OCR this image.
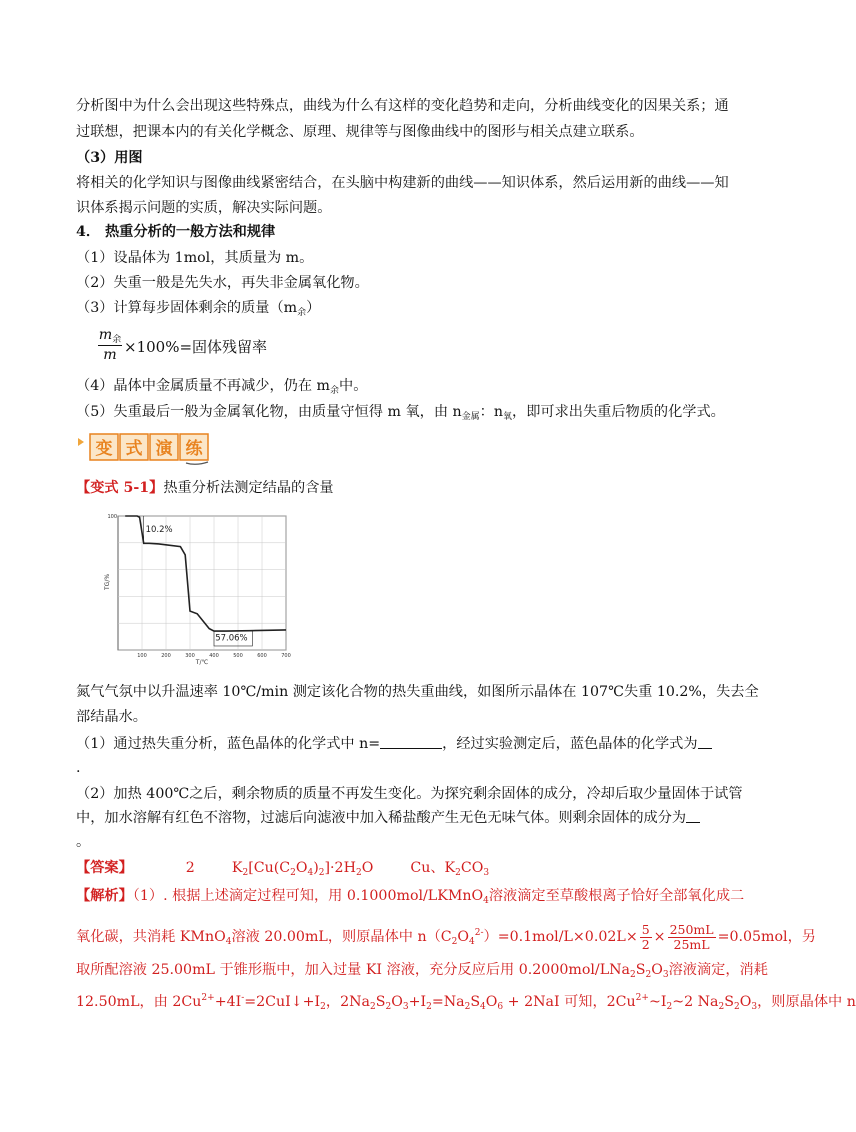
分析图中为什么会出现这些特殊点，曲线为什么有这样的变化趋势和走向，分析曲线变化的因果关系；通
过联想，把课本内的有关化学概念、原理、规律等与图像曲线中的图形与相关点建立联系。
（3）用图
将相关的化学知识与图像曲线紧密结合，在头脑中构建新的曲线——知识体系，然后运用新的曲线——知
识体系揭示问题的实质，解决实际问题。
4． 热重分析的一般方法和规律
（1）设晶体为 1mol，其质量为 m。
（2）失重一般是先失水，再失非金属氧化物。
（3）计算每步固体剩余的质量$(m_余)$
$m_余$
m ×100%=固体残留率
（4）晶体中金属质量不再减少，仍在 $m_余$中。
（5）失重最后一般为金属氧化物，由质量守恒得 m 氧，由 $n_{金属}$：$n_氧$，即可求出失重后物质的化学式。
变 式 演 练
【变式 5-1】热重分析法测定结晶的含量
100
100	200	300	400	500	600	700
TG/%
T/℃
10.2%
57.06%
氮气气氛中以升温速率 10℃/min 测定该化合物的热失重曲线，如图所示晶体在 107℃失重 10.2%，失去全
部结晶水。
（1）通过热失重分析，蓝色晶体的化学式中 n=	，经过实验测定后，蓝色晶体的化学式为
.
（2）加热 400℃之后，剩余物质的质量不再发生变化。为探究剩余固体的成分，冷却后取少量固体于试管
中，加水溶解有红色不溶物，过滤后向滤液中加入稀盐酸产生无色无味气体。则剩余固体的成分为
。
【答案】	2	$K_2[Cu(C_2O_4)_2]\cdot 2H_2O$	Cu、$K_2CO_3$
【解析】（1）. 根据上述滴定过程可知，用 0.1000mol/LKMnO$_4$溶液滴定至草酸根离子恰好全部氧化成二
氧化碳，共消耗 KMnO$_4$溶液 20.00mL，则原晶体中 $n(C_2O_4^{2-})=0.1mol/L\times 0.02L\times \frac{5}{2} \times \frac{250mL}{25mL} =0.05mol$，另
取所配溶液 25.00mL 于锥形瓶中，加入过量 KI 溶液，充分反应后用 $0.2000mol/LNa_2S_2O_3$溶液滴定，消耗
12.50mL，由 $2Cu^{2+}+4I^-=2CuI↓+I_2$，$2Na_2S_2O_3+I_2=Na_2S_4O_6 + 2NaI$ 可知，$2Cu^{2+}\sim I_2\sim 2$ $Na_2S_2O_3$，则原晶体中 n
